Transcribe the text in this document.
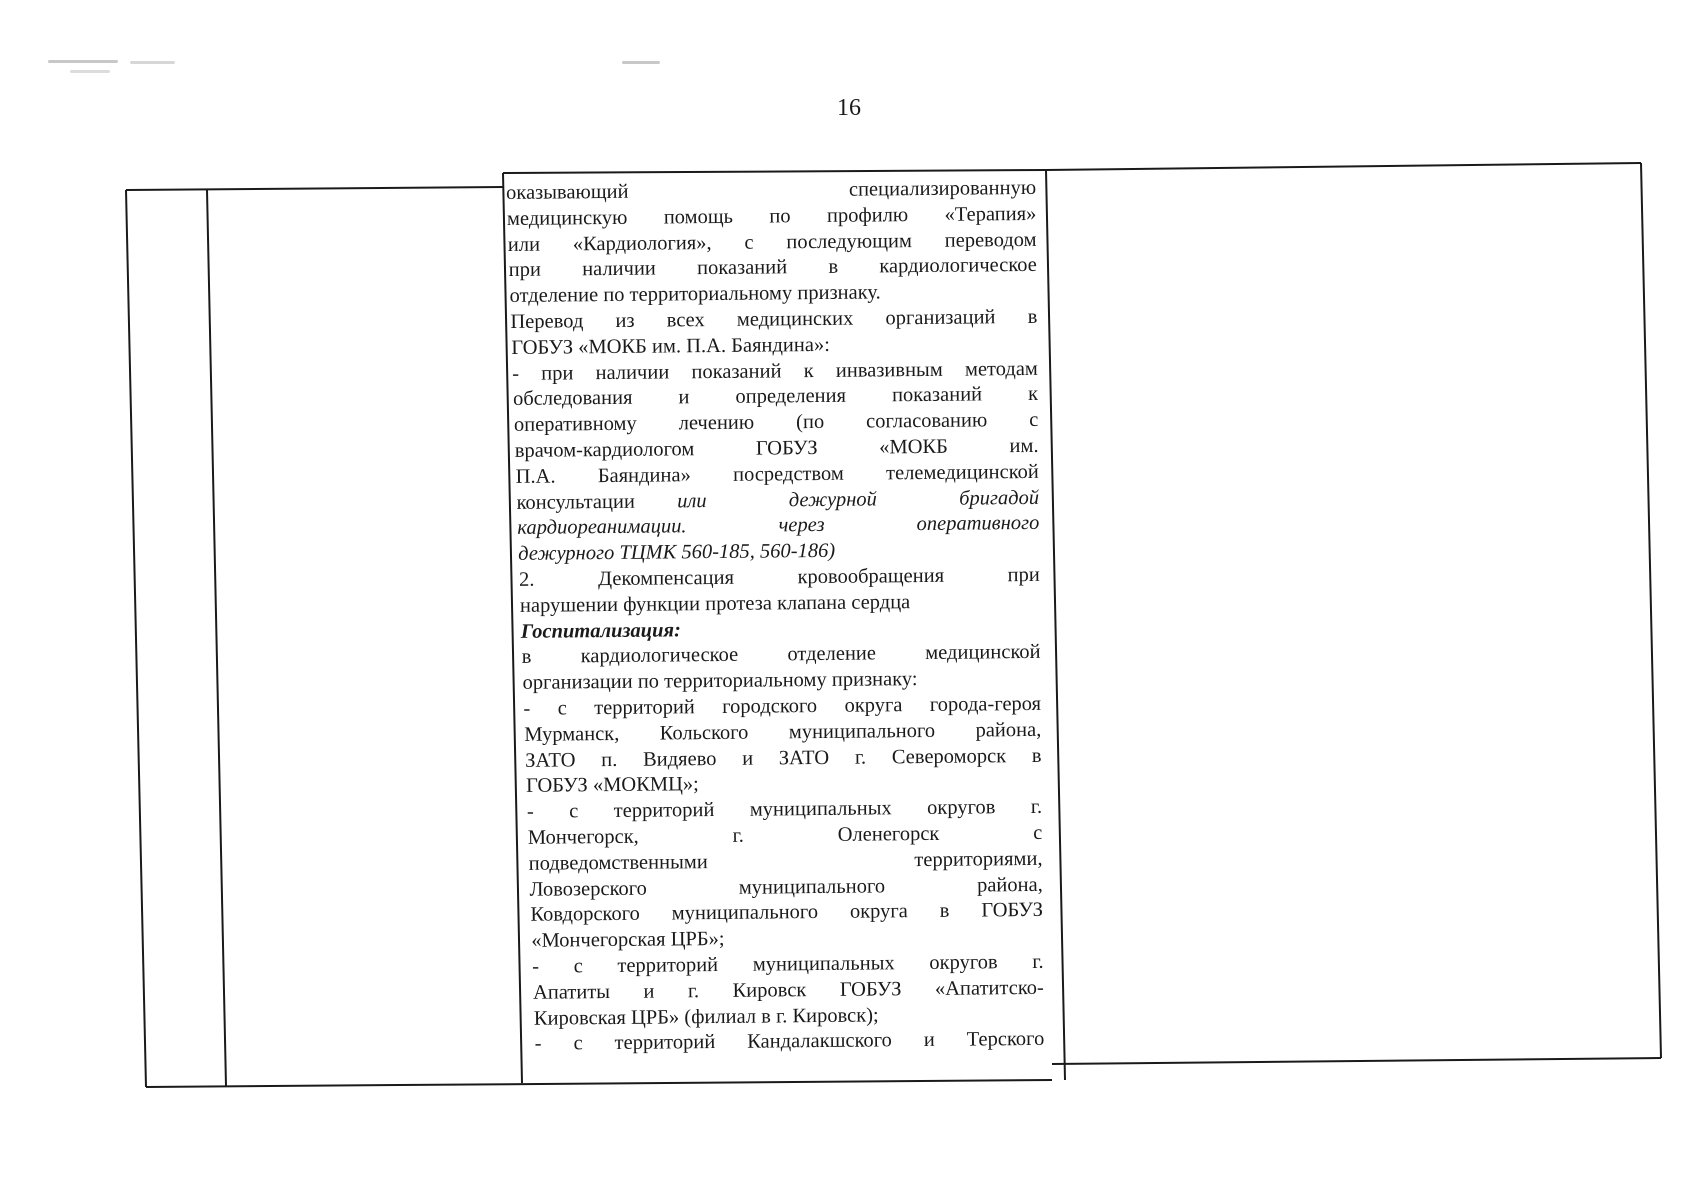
16
оказывающий специализированную
медицинскую помощь по профилю «Терапия»
или «Кардиология», с последующим переводом
при наличии показаний в кардиологическое
отделение по территориальному признаку.
Перевод из всех медицинских организаций в
ГОБУЗ «МОКБ им. П.А. Баяндина»:
- при наличии показаний к инвазивным методам
обследования и определения показаний к
оперативному лечению (по согласованию с
врачом-кардиологом ГОБУЗ «МОКБ им.
П.А. Баяндина» посредством телемедицинской
консультации или дежурной бригадой
кардиореанимации. через оперативного
дежурного ТЦМК 560-185, 560-186)
2. Декомпенсация кровообращения при
нарушении функции протеза клапана сердца
Госпитализация:
в кардиологическое отделение медицинской
организации по территориальному признаку:
- с территорий городского округа города-героя
Мурманск, Кольского муниципального района,
ЗАТО п. Видяево и ЗАТО г. Североморск в
ГОБУЗ «МОКМЦ»;
- с территорий муниципальных округов г.
Мончегорск, г. Оленегорск с
подведомственными территориями,
Ловозерского муниципального района,
Ковдорского муниципального округа в ГОБУЗ
«Мончегорская ЦРБ»;
- с территорий муниципальных округов г.
Апатиты и г. Кировск ГОБУЗ «Апатитско-
Кировская ЦРБ» (филиал в г. Кировск);
- с территорий Кандалакшского и Терского
